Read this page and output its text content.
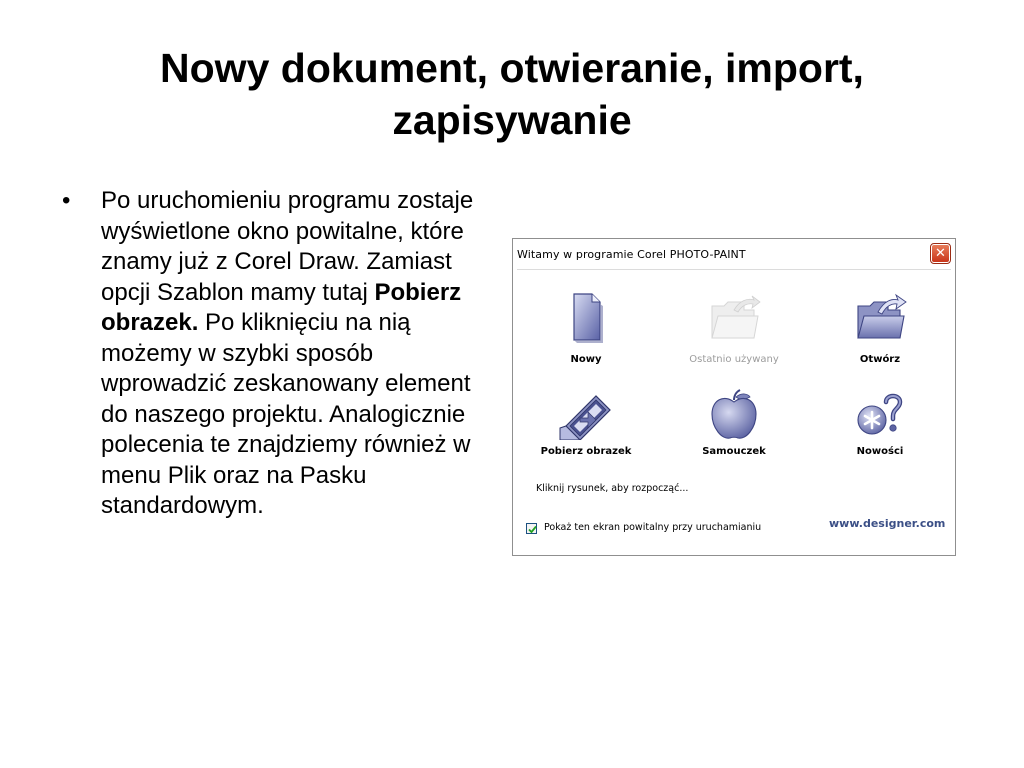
Nowy dokument, otwieranie, import,
zapisywanie
• Po uruchomieniu programu zostaje wyświetlone okno powitalne, które znamy już z Corel Draw. Zamiast opcji Szablon mamy tutaj Pobierz obrazek. Po kliknięciu na nią możemy w szybki sposób wprowadzić zeskanowany element do naszego projektu. Analogicznie polecenia te znajdziemy również w menu Plik oraz na Pasku standardowym.
Witamy w programie Corel PHOTO-PAINT	✕
Nowy	Ostatnio używany	Otwórz
Pobierz obrazek	Samouczek	Nowości
Kliknij rysunek, aby rozpocząć...
Pokaż ten ekran powitalny przy uruchamianiu	www.designer.com
